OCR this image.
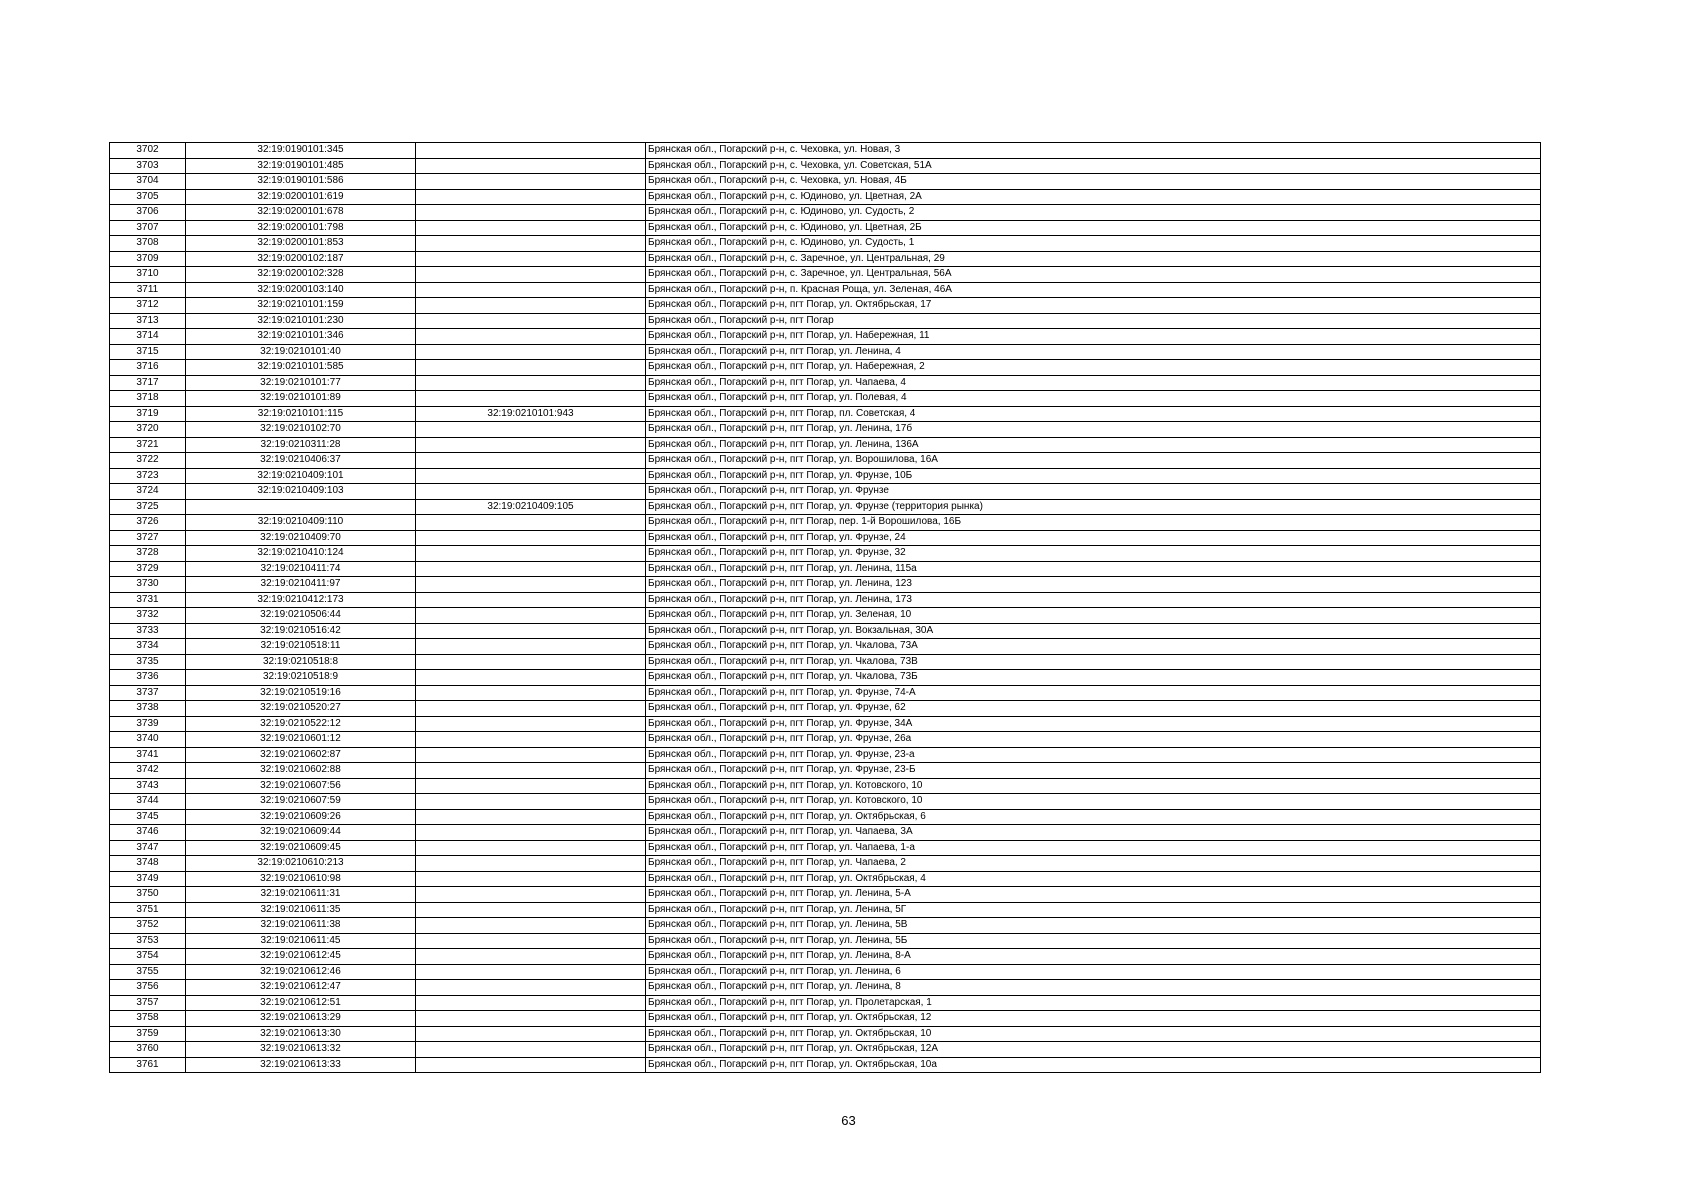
3702	32:19:0190101:345		Брянская обл., Погарский р-н, с. Чеховка, ул. Новая, 3
3703	32:19:0190101:485		Брянская обл., Погарский р-н, с. Чеховка, ул. Советская, 51А
3704	32:19:0190101:586		Брянская обл., Погарский р-н, с. Чеховка, ул. Новая, 4Б
3705	32:19:0200101:619		Брянская обл., Погарский р-н, с. Юдиново, ул. Цветная, 2А
3706	32:19:0200101:678		Брянская обл., Погарский р-н, с. Юдиново, ул. Судость, 2
3707	32:19:0200101:798		Брянская обл., Погарский р-н, с. Юдиново, ул. Цветная, 2Б
3708	32:19:0200101:853		Брянская обл., Погарский р-н, с. Юдиново, ул. Судость, 1
3709	32:19:0200102:187		Брянская обл., Погарский р-н, с. Заречное, ул. Центральная, 29
3710	32:19:0200102:328		Брянская обл., Погарский р-н, с. Заречное, ул. Центральная, 56А
3711	32:19:0200103:140		Брянская обл., Погарский р-н, п. Красная Роща, ул. Зеленая, 46А
3712	32:19:0210101:159		Брянская обл., Погарский р-н, пгт Погар, ул. Октябрьская, 17
3713	32:19:0210101:230		Брянская обл., Погарский р-н, пгт Погар
3714	32:19:0210101:346		Брянская обл., Погарский р-н, пгт Погар, ул. Набережная, 11
3715	32:19:0210101:40		Брянская обл., Погарский р-н, пгт Погар, ул. Ленина, 4
3716	32:19:0210101:585		Брянская обл., Погарский р-н, пгт Погар, ул. Набережная, 2
3717	32:19:0210101:77		Брянская обл., Погарский р-н, пгт Погар, ул. Чапаева, 4
3718	32:19:0210101:89		Брянская обл., Погарский р-н, пгт Погар, ул. Полевая, 4
3719	32:19:0210101:115	32:19:0210101:943	Брянская обл., Погарский р-н, пгт Погар, пл. Советская, 4
3720	32:19:0210102:70		Брянская обл., Погарский р-н, пгт Погар, ул. Ленина, 17б
3721	32:19:0210311:28		Брянская обл., Погарский р-н, пгт Погар, ул. Ленина, 136А
3722	32:19:0210406:37		Брянская обл., Погарский р-н, пгт Погар, ул. Ворошилова, 16А
3723	32:19:0210409:101		Брянская обл., Погарский р-н, пгт Погар, ул. Фрунзе, 10Б
3724	32:19:0210409:103		Брянская обл., Погарский р-н, пгт Погар, ул. Фрунзе
3725		32:19:0210409:105	Брянская обл., Погарский р-н, пгт Погар, ул. Фрунзе (территория рынка)
3726	32:19:0210409:110		Брянская обл., Погарский р-н, пгт Погар, пер. 1-й Ворошилова, 16Б
3727	32:19:0210409:70		Брянская обл., Погарский р-н, пгт Погар, ул. Фрунзе, 24
3728	32:19:0210410:124		Брянская обл., Погарский р-н, пгт Погар, ул. Фрунзе, 32
3729	32:19:0210411:74		Брянская обл., Погарский р-н, пгт Погар, ул. Ленина, 115а
3730	32:19:0210411:97		Брянская обл., Погарский р-н, пгт Погар, ул. Ленина, 123
3731	32:19:0210412:173		Брянская обл., Погарский р-н, пгт Погар, ул. Ленина, 173
3732	32:19:0210506:44		Брянская обл., Погарский р-н, пгт Погар, ул. Зеленая, 10
3733	32:19:0210516:42		Брянская обл., Погарский р-н, пгт Погар, ул. Вокзальная, 30А
3734	32:19:0210518:11		Брянская обл., Погарский р-н, пгт Погар, ул. Чкалова, 73А
3735	32:19:0210518:8		Брянская обл., Погарский р-н, пгт Погар, ул. Чкалова, 73В
3736	32:19:0210518:9		Брянская обл., Погарский р-н, пгт Погар, ул. Чкалова, 73Б
3737	32:19:0210519:16		Брянская обл., Погарский р-н, пгт Погар, ул. Фрунзе, 74-А
3738	32:19:0210520:27		Брянская обл., Погарский р-н, пгт Погар, ул. Фрунзе, 62
3739	32:19:0210522:12		Брянская обл., Погарский р-н, пгт Погар, ул. Фрунзе, 34А
3740	32:19:0210601:12		Брянская обл., Погарский р-н, пгт Погар, ул. Фрунзе, 26а
3741	32:19:0210602:87		Брянская обл., Погарский р-н, пгт Погар, ул. Фрунзе, 23-а
3742	32:19:0210602:88		Брянская обл., Погарский р-н, пгт Погар, ул. Фрунзе, 23-Б
3743	32:19:0210607:56		Брянская обл., Погарский р-н, пгт Погар, ул. Котовского, 10
3744	32:19:0210607:59		Брянская обл., Погарский р-н, пгт Погар, ул. Котовского, 10
3745	32:19:0210609:26		Брянская обл., Погарский р-н, пгт Погар, ул. Октябрьская, 6
3746	32:19:0210609:44		Брянская обл., Погарский р-н, пгт Погар, ул. Чапаева, 3А
3747	32:19:0210609:45		Брянская обл., Погарский р-н, пгт Погар, ул. Чапаева, 1-а
3748	32:19:0210610:213		Брянская обл., Погарский р-н, пгт Погар, ул. Чапаева, 2
3749	32:19:0210610:98		Брянская обл., Погарский р-н, пгт Погар, ул. Октябрьская, 4
3750	32:19:0210611:31		Брянская обл., Погарский р-н, пгт Погар, ул. Ленина, 5-А
3751	32:19:0210611:35		Брянская обл., Погарский р-н, пгт Погар, ул. Ленина, 5Г
3752	32:19:0210611:38		Брянская обл., Погарский р-н, пгт Погар, ул. Ленина, 5В
3753	32:19:0210611:45		Брянская обл., Погарский р-н, пгт Погар, ул. Ленина, 5Б
3754	32:19:0210612:45		Брянская обл., Погарский р-н, пгт Погар, ул. Ленина, 8-А
3755	32:19:0210612:46		Брянская обл., Погарский р-н, пгт Погар, ул. Ленина, 6
3756	32:19:0210612:47		Брянская обл., Погарский р-н, пгт Погар, ул. Ленина, 8
3757	32:19:0210612:51		Брянская обл., Погарский р-н, пгт Погар, ул. Пролетарская, 1
3758	32:19:0210613:29		Брянская обл., Погарский р-н, пгт Погар, ул. Октябрьская, 12
3759	32:19:0210613:30		Брянская обл., Погарский р-н, пгт Погар, ул. Октябрьская, 10
3760	32:19:0210613:32		Брянская обл., Погарский р-н, пгт Погар, ул. Октябрьская, 12А
3761	32:19:0210613:33		Брянская обл., Погарский р-н, пгт Погар, ул. Октябрьская, 10а
63
